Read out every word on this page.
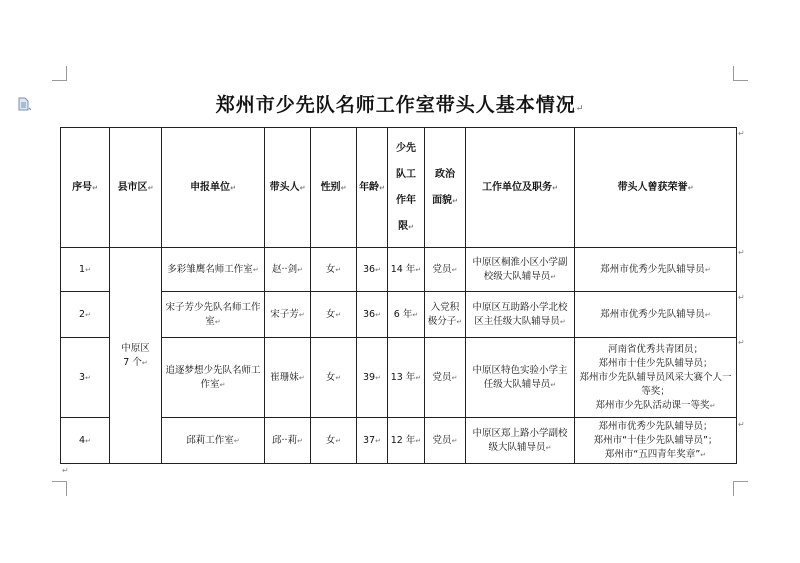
郑州市少先队名师工作室带头人基本情况↵
序号↵	县市区↵	申报单位↵	带头人↵	性别↵	年龄↵	少先
队工
作年
限↵	政治
面貌↵	工作单位及职务↵	带头人曾获荣誉↵
1↵	中原区
7 个↵	多彩雏鹰名师工作室↵	赵··剑↵	女↵	36↵	14 年↵	党员↵	中原区桐淮小区小学副校级大队辅导员↵	郑州市优秀少先队辅导员↵
2↵		宋子芳少先队名师工作室↵	宋子芳↵	女↵	36↵	6 年↵	入党积极分子↵	中原区互助路小学北校区主任级大队辅导员↵	郑州市优秀少先队辅导员↵
3↵		追逐梦想少先队名师工作室↵	崔珊妹↵	女↵	39↵	13 年↵	党员↵	中原区特色实验小学主任级大队辅导员↵	河南省优秀共青团员；
郑州市十佳少先队辅导员；
郑州市少先队辅导员风采大赛个人一等奖；
郑州市少先队活动课一等奖↵
4↵		邱莉工作室↵	邱··莉↵	女↵	37↵	12 年↵	党员↵	中原区郑上路小学副校级大队辅导员↵	郑州市优秀少先队辅导员；
郑州市“十佳少先队辅导员”；
郑州市“五四青年奖章”↵
↵
↵
↵
↵
↵
↵
